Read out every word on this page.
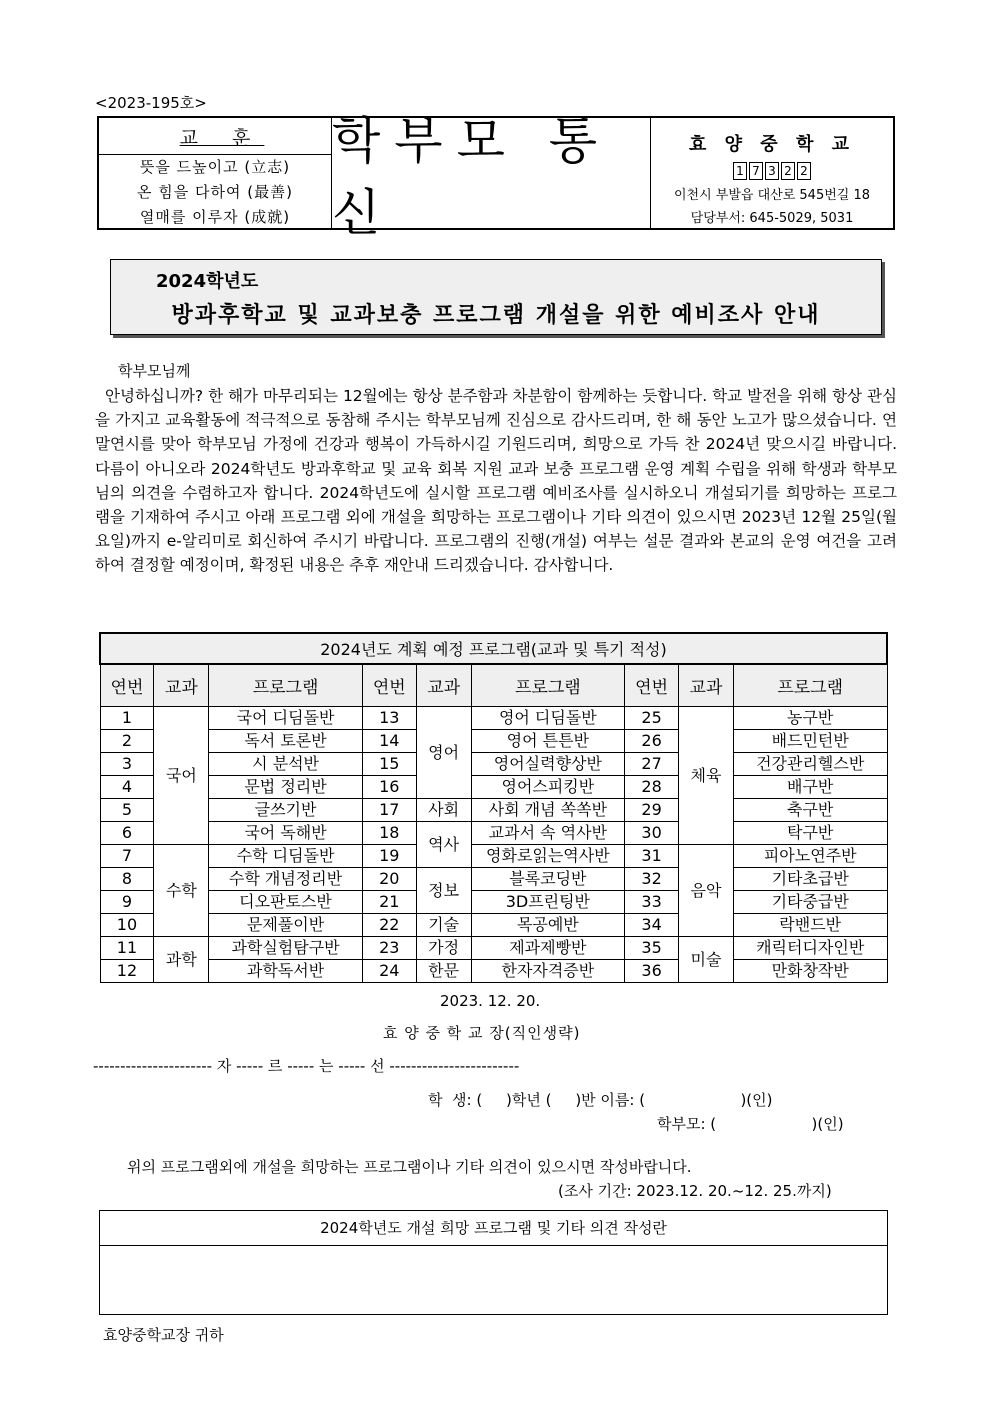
<2023-195호>
교 훈
뜻을 드높이고 (立志)
온 힘을 다하여 (最善)
열매를 이루자 (成就)
학부모 통신
효 양 중 학 교
1 7 3 2 2
이천시 부발읍 대산로 545번길 18
담당부서: 645-5029, 5031
2024학년도
방과후학교 및 교과보충 프로그램 개설을 위한 예비조사 안내
학부모님께

안녕하십니까? 한 해가 마무리되는 12월에는 항상 분주함과 차분함이 함께하는 듯합니다. 학교 발전을 위해 항상 관심을 가지고 교육활동에 적극적으로 동참해 주시는 학부모님께 진심으로 감사드리며, 한 해 동안 노고가 많으셨습니다. 연말연시를 맞아 학부모님 가정에 건강과 행복이 가득하시길 기원드리며, 희망으로 가득 찬 2024년 맞으시길 바랍니다. 다름이 아니오라 2024학년도 방과후학교 및 교육 회복 지원 교과 보충 프로그램 운영 계획 수립을 위해 학생과 학부모님의 의견을 수렴하고자 합니다. 2024학년도에 실시할 프로그램 예비조사를 실시하오니 개설되기를 희망하는 프로그램을 기재하여 주시고 아래 프로그램 외에 개설을 희망하는 프로그램이나 기타 의견이 있으시면 2023년 12월 25일(월요일)까지 e-알리미로 회신하여 주시기 바랍니다. 프로그램의 진행(개설) 여부는 설문 결과와 본교의 운영 여건을 고려하여 결정할 예정이며, 확정된 내용은 추후 재안내 드리겠습니다. 감사합니다.

2024년도 계획 예정 프로그램(교과 및 특기 적성)								
연번	교과	프로그램	연번	교과	프로그램	연번	교과	프로그램
1	국어	국어 디딤돌반	13	영어	영어 디딤돌반	25	체육	농구반
2		독서 토론반	14		영어 튼튼반	26		배드민턴반
3		시 분석반	15		영어실력향상반	27		건강관리헬스반
4		문법 정리반	16		영어스피킹반	28		배구반
5		글쓰기반	17	사회	사회 개념 쏙쏙반	29		축구반
6		국어 독해반	18	역사	교과서 속 역사반	30		탁구반
7	수학	수학 디딤돌반	19		영화로읽는역사반	31	음악	피아노연주반
8		수학 개념정리반	20	정보	블록코딩반	32		기타초급반
9		디오판토스반	21		3D프린팅반	33		기타중급반
10		문제풀이반	22	기술	목공예반	34		락밴드반
11	과학	과학실험탐구반	23	가정	제과제빵반	35	미술	캐릭터디자인반
12		과학독서반	24	한문	한자자격증반	36		만화창작반
2023. 12. 20.
효 양 중 학 교 장(직인생략)
---------------------- 자 ----- 르 ----- 는 ----- 선 ------------------------
학  생: (     )학년 (     )반 이름: (                    )(인)
학부모: (                    )(인)
위의 프로그램외에 개설을 희망하는 프로그램이나 기타 의견이 있으시면 작성바랍니다.
(조사 기간: 2023.12. 20.~12. 25.까지)
2024학년도 개설 희망 프로그램 및 기타 의견 작성란
효양중학교장 귀하
